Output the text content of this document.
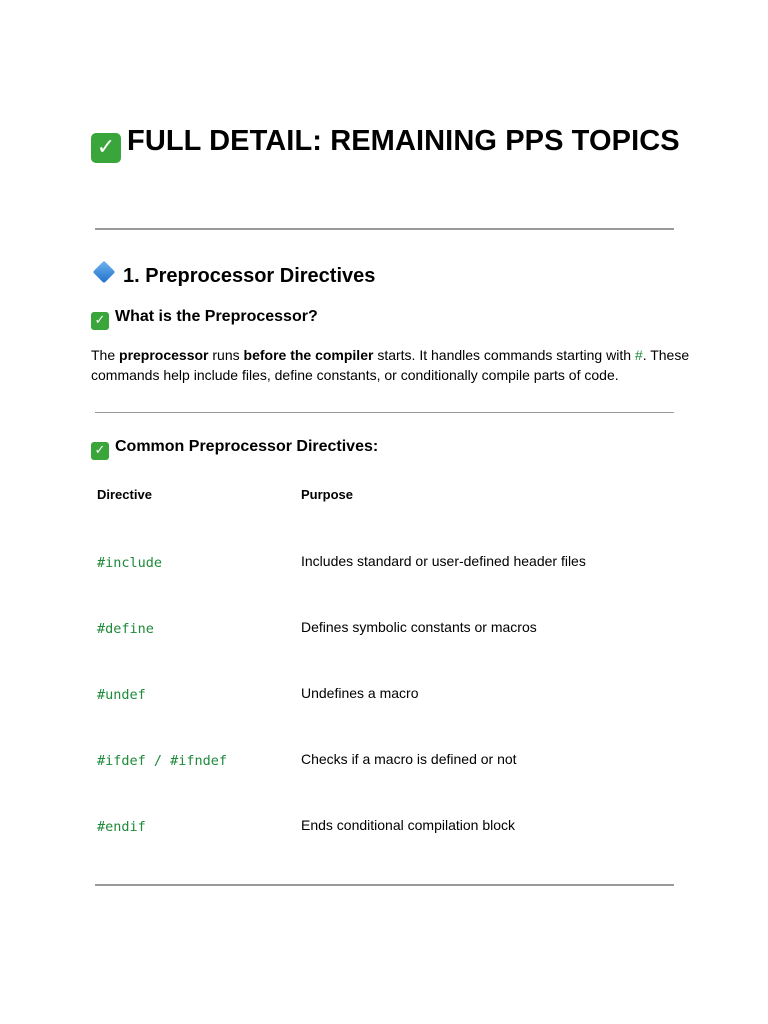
✓ FULL DETAIL: REMAINING PPS TOPICS
1. Preprocessor Directives
✓ What is the Preprocessor?
The preprocessor runs before the compiler starts. It handles commands starting with #. These commands help include files, define constants, or conditionally compile parts of code.
✓ Common Preprocessor Directives:
Directive	Purpose
#include	Includes standard or user-defined header files
#define	Defines symbolic constants or macros
#undef	Undefines a macro
#ifdef / #ifndef	Checks if a macro is defined or not
#endif	Ends conditional compilation block
